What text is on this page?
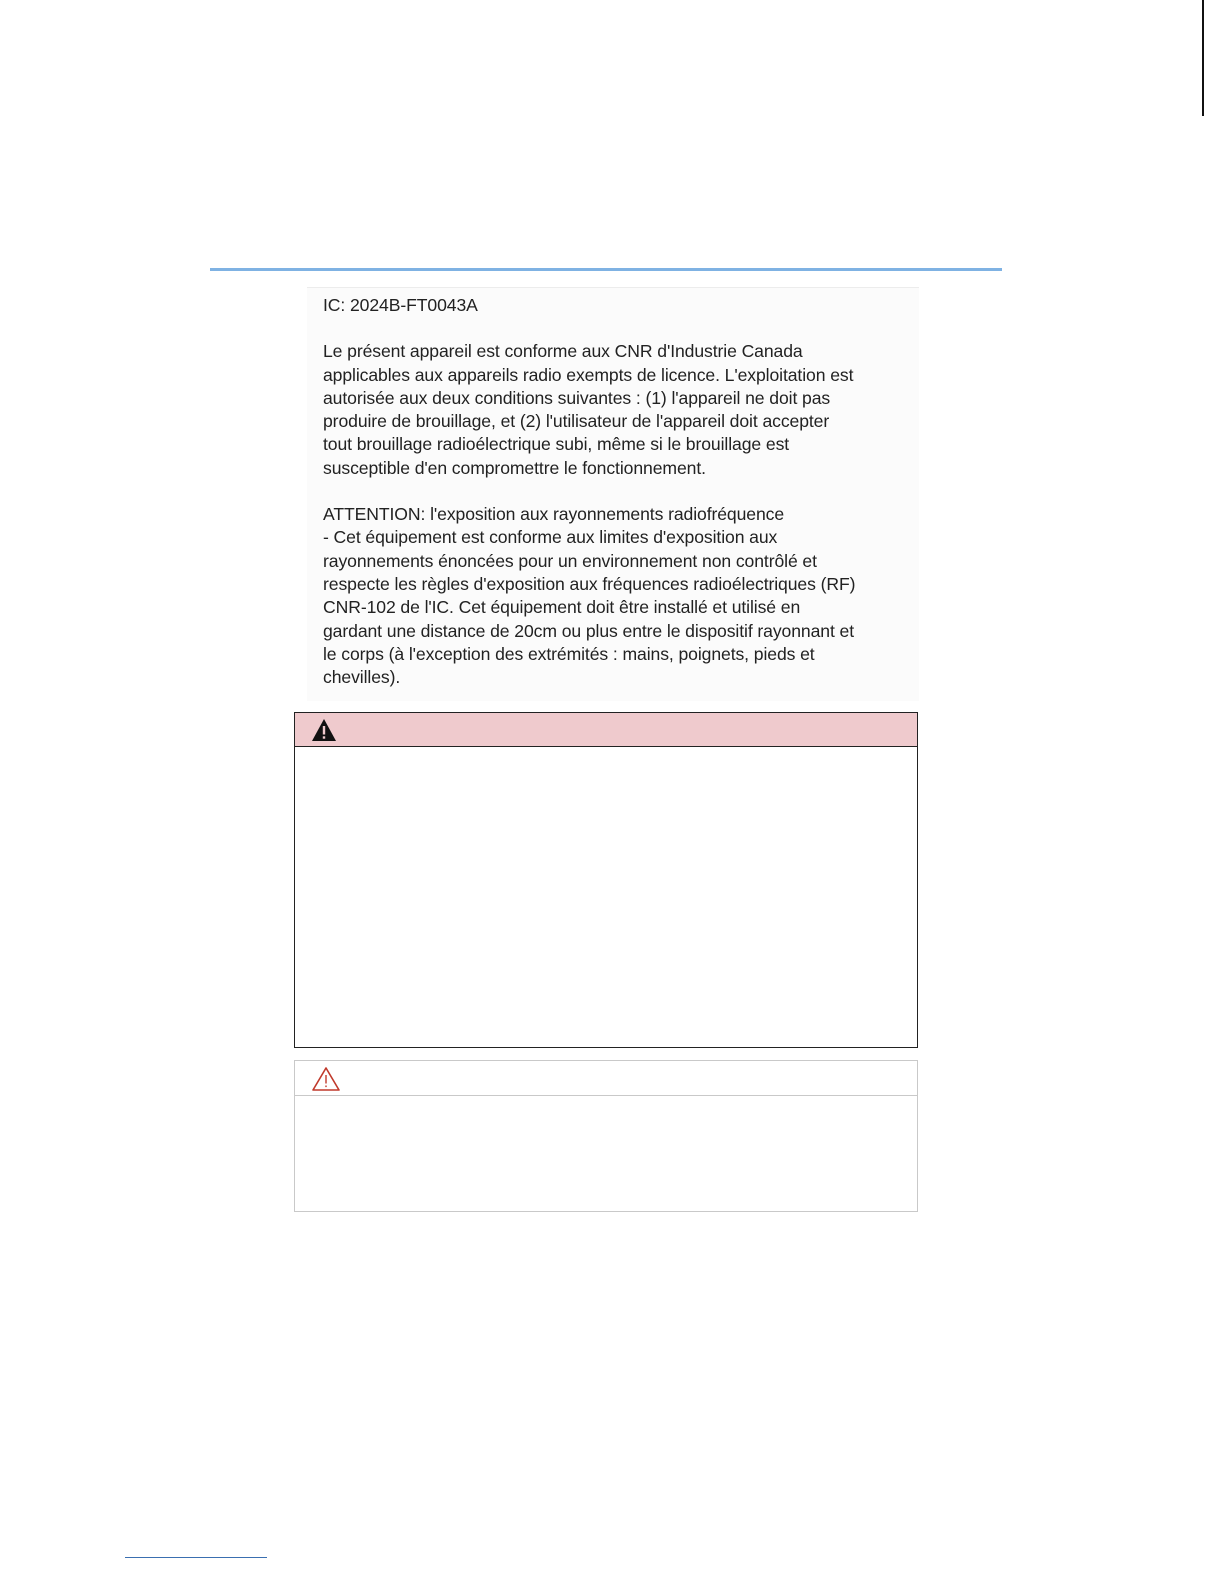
IC: 2024B-FT0043A

Le présent appareil est conforme aux CNR d'Industrie Canada

applicables aux appareils radio exempts de licence. L'exploitation est

autorisée aux deux conditions suivantes : (1) l'appareil ne doit pas

produire de brouillage, et (2) l'utilisateur de l'appareil doit accepter

tout brouillage radioélectrique subi, même si le brouillage est

susceptible d'en compromettre le fonctionnement.

ATTENTION: l'exposition aux rayonnements radiofréquence

- Cet équipement est conforme aux limites d'exposition aux

rayonnements énoncées pour un environnement non contrôlé et

respecte les règles d'exposition aux fréquences radioélectriques (RF)

CNR-102 de l'IC. Cet équipement doit être installé et utilisé en

gardant une distance de 20cm ou plus entre le dispositif rayonnant et

le corps (à l'exception des extrémités : mains, poignets, pieds et

chevilles).
